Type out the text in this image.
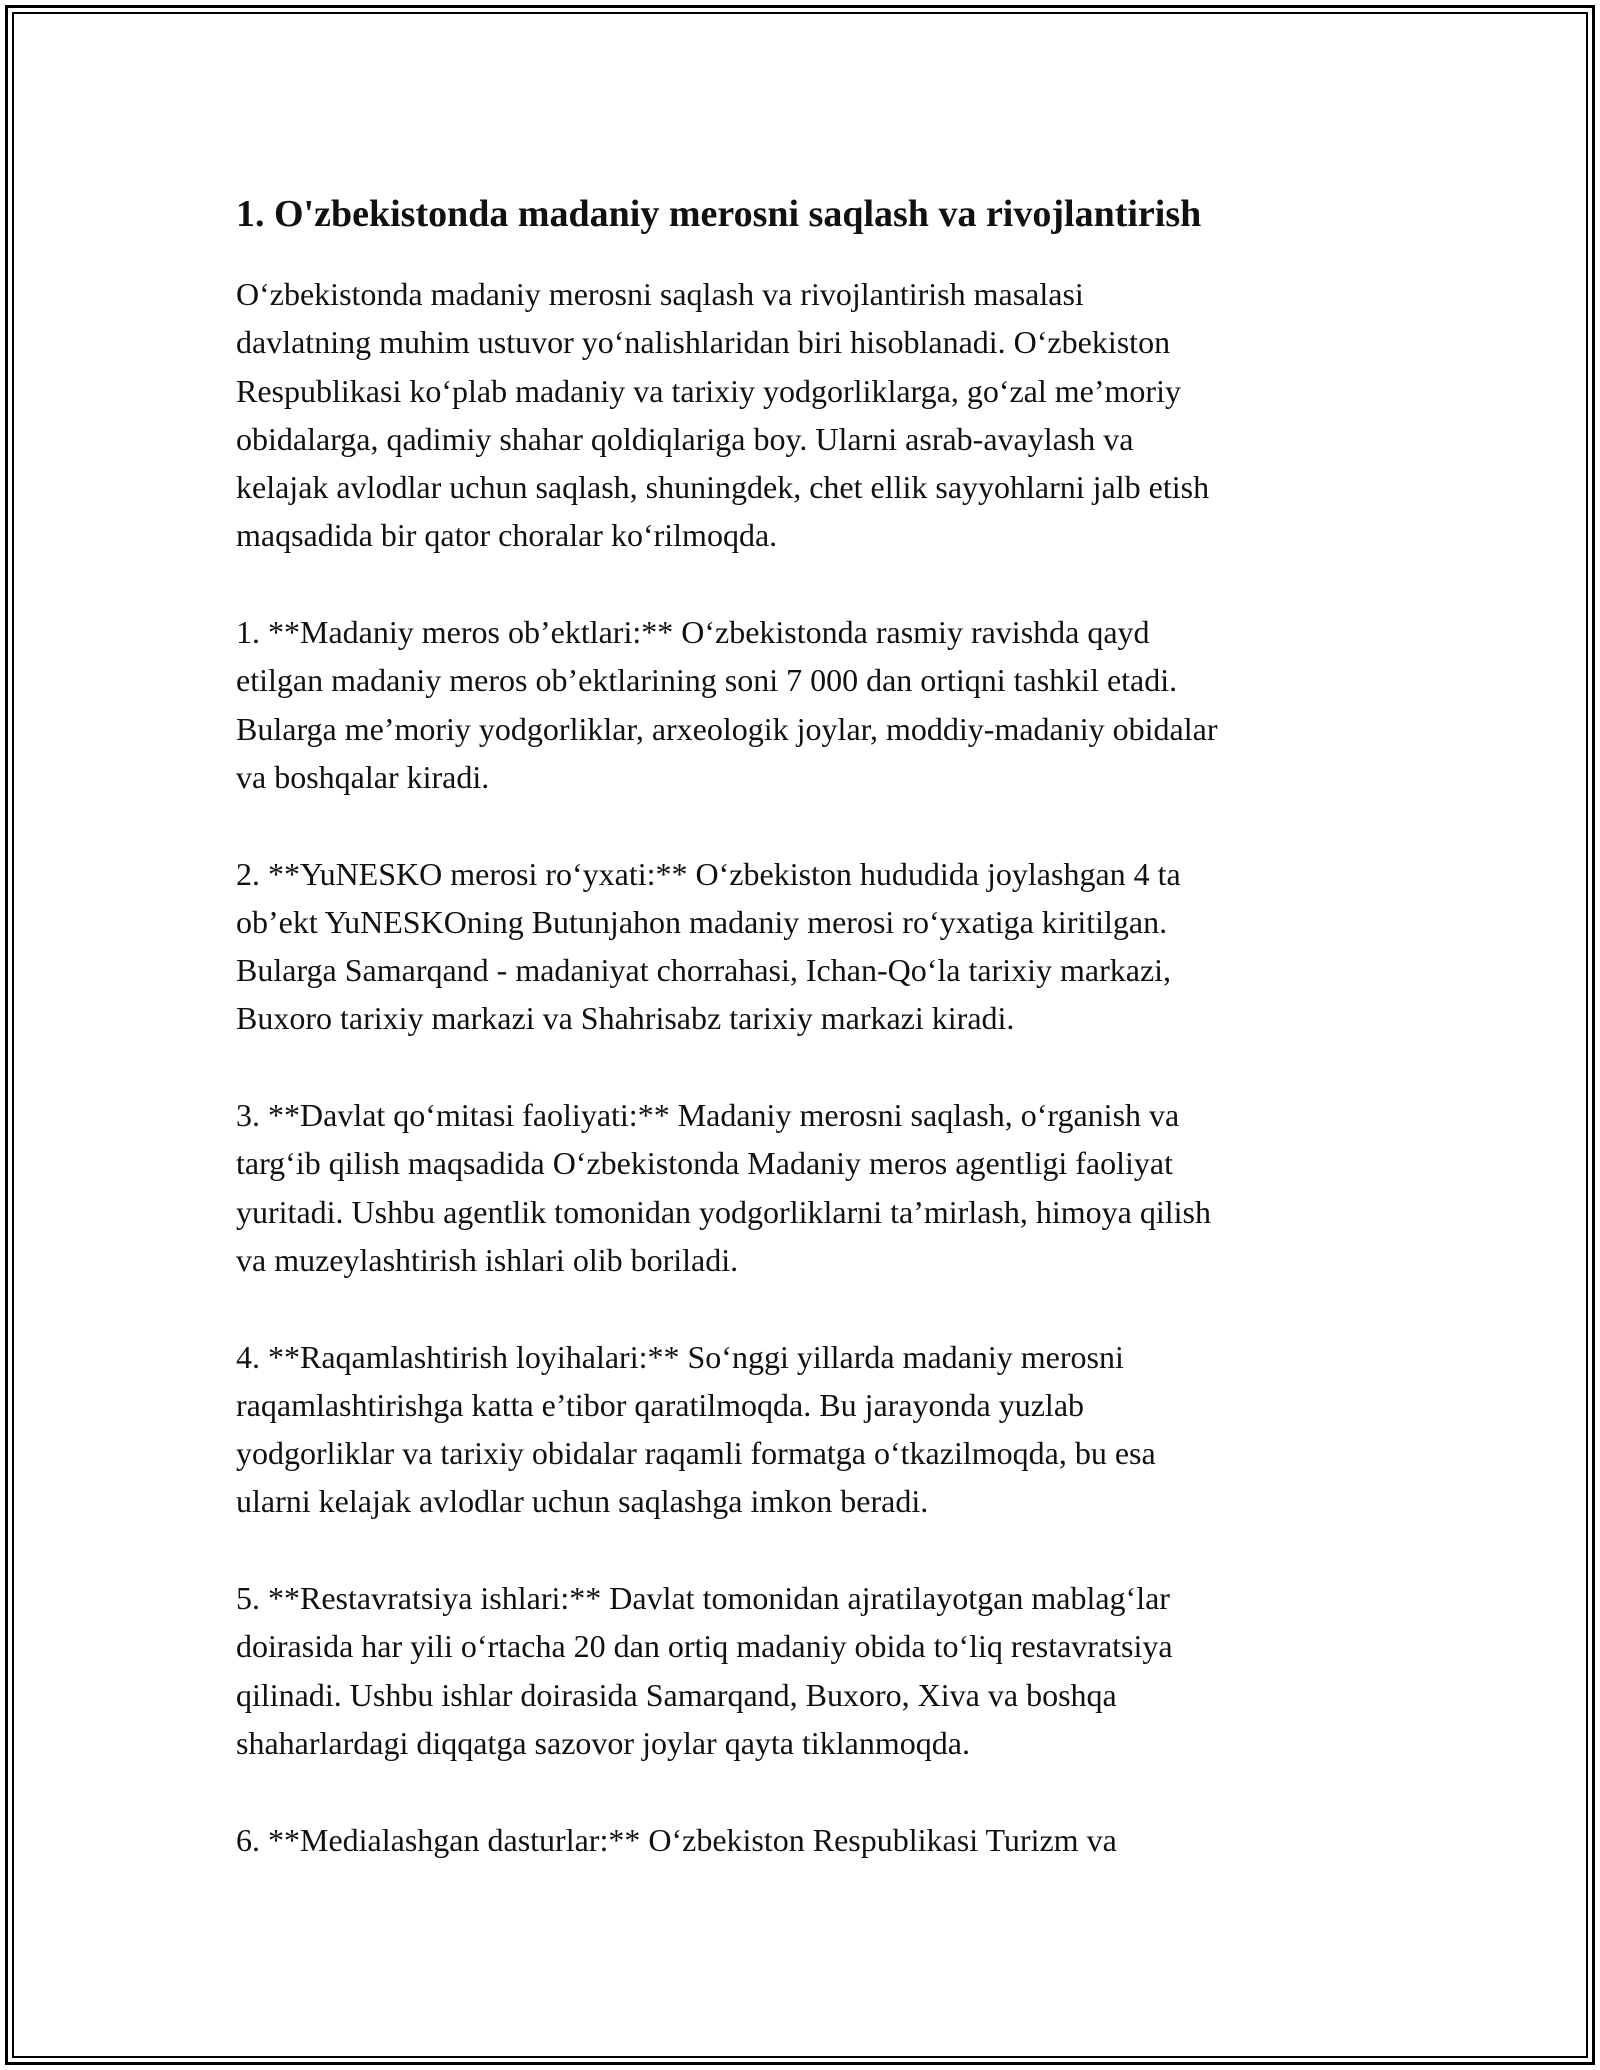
1. O'zbekistonda madaniy merosni saqlash va rivojlantirish
O‘zbekistonda madaniy merosni saqlash va rivojlantirish masalasi
davlatning muhim ustuvor yo‘nalishlaridan biri hisoblanadi. O‘zbekiston
Respublikasi ko‘plab madaniy va tarixiy yodgorliklarga, go‘zal me’moriy
obidalarga, qadimiy shahar qoldiqlariga boy. Ularni asrab-avaylash va
kelajak avlodlar uchun saqlash, shuningdek, chet ellik sayyohlarni jalb etish
maqsadida bir qator choralar ko‘rilmoqda.
1. **Madaniy meros ob’ektlari:** O‘zbekistonda rasmiy ravishda qayd
etilgan madaniy meros ob’ektlarining soni 7 000 dan ortiqni tashkil etadi.
Bularga me’moriy yodgorliklar, arxeologik joylar, moddiy-madaniy obidalar
va boshqalar kiradi.
2. **YuNESKO merosi ro‘yxati:** O‘zbekiston hududida joylashgan 4 ta
ob’ekt YuNESKOning Butunjahon madaniy merosi ro‘yxatiga kiritilgan.
Bularga Samarqand - madaniyat chorrahasi, Ichan-Qo‘la tarixiy markazi,
Buxoro tarixiy markazi va Shahrisabz tarixiy markazi kiradi.
3. **Davlat qo‘mitasi faoliyati:** Madaniy merosni saqlash, o‘rganish va
targ‘ib qilish maqsadida O‘zbekistonda Madaniy meros agentligi faoliyat
yuritadi. Ushbu agentlik tomonidan yodgorliklarni ta’mirlash, himoya qilish
va muzeylashtirish ishlari olib boriladi.
4. **Raqamlashtirish loyihalari:** So‘nggi yillarda madaniy merosni
raqamlashtirishga katta e’tibor qaratilmoqda. Bu jarayonda yuzlab
yodgorliklar va tarixiy obidalar raqamli formatga o‘tkazilmoqda, bu esa
ularni kelajak avlodlar uchun saqlashga imkon beradi.
5. **Restavratsiya ishlari:** Davlat tomonidan ajratilayotgan mablag‘lar
doirasida har yili o‘rtacha 20 dan ortiq madaniy obida to‘liq restavratsiya
qilinadi. Ushbu ishlar doirasida Samarqand, Buxoro, Xiva va boshqa
shaharlardagi diqqatga sazovor joylar qayta tiklanmoqda.
6. **Medialashgan dasturlar:** O‘zbekiston Respublikasi Turizm va
